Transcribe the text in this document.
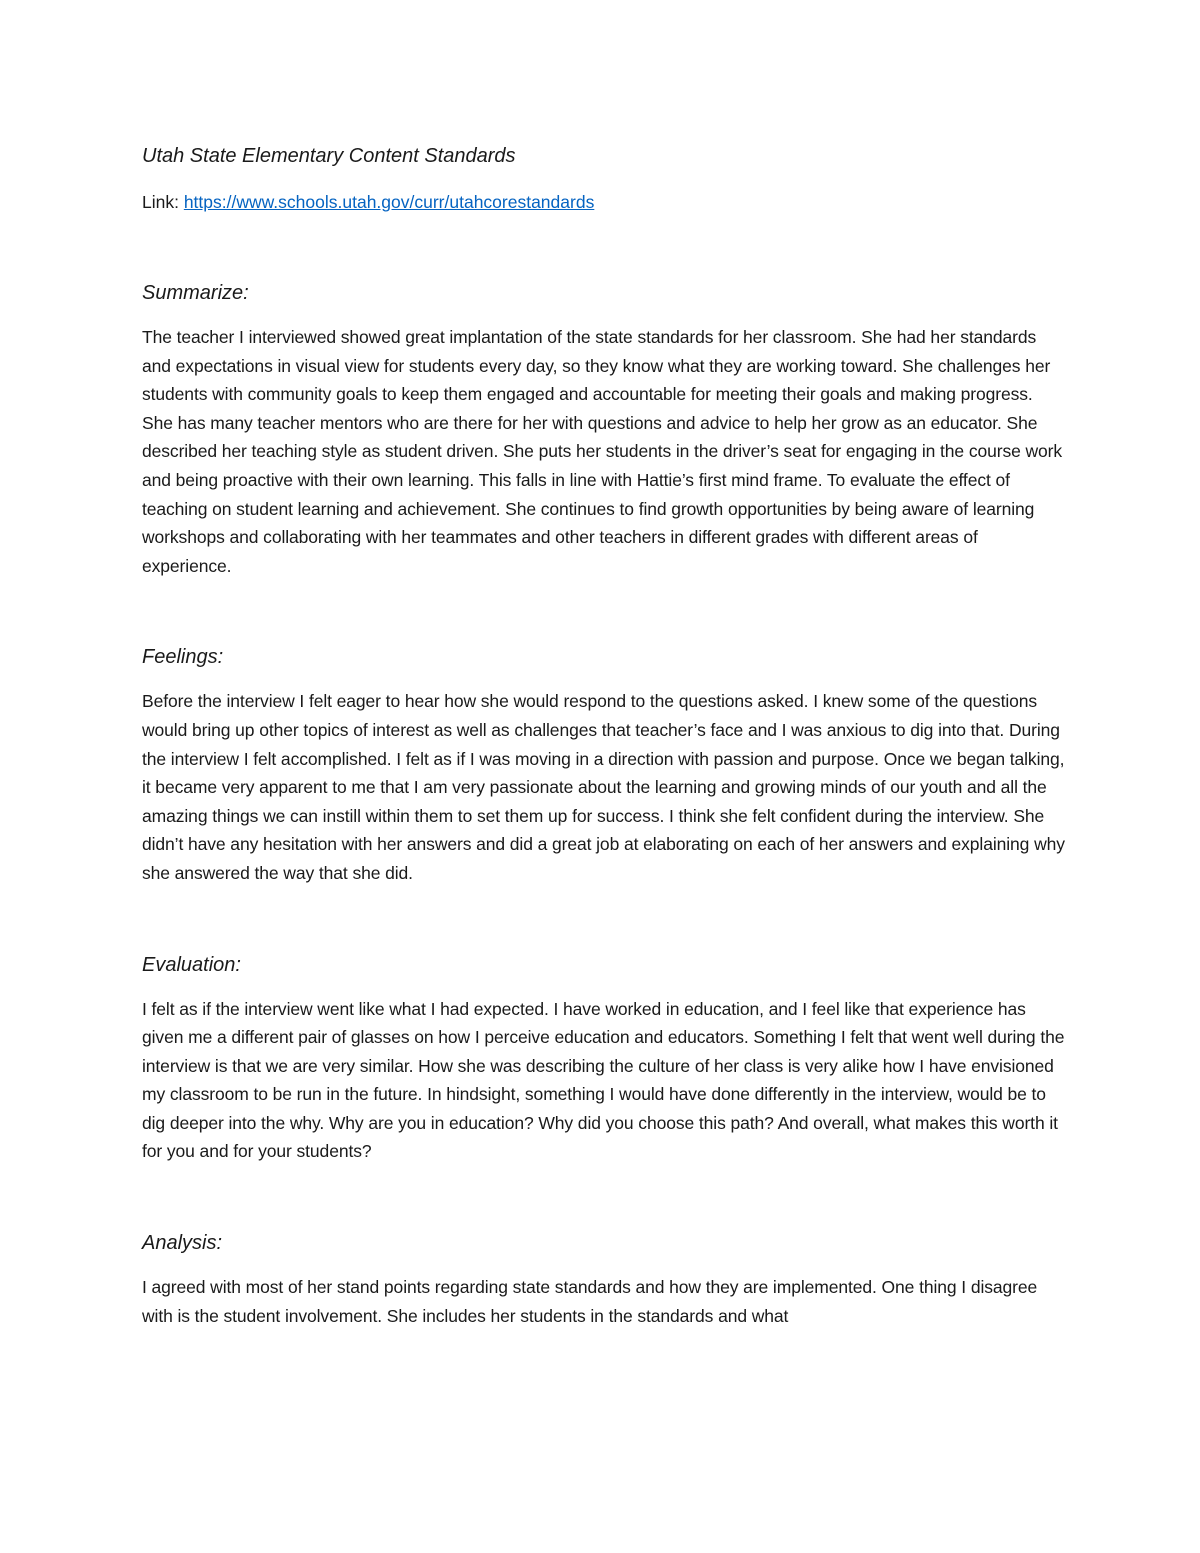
Utah State Elementary Content Standards

Link: https://www.schools.utah.gov/curr/utahcorestandards

Summarize:

The teacher I interviewed showed great implantation of the state standards for her classroom. She had her standards and expectations in visual view for students every day, so they know what they are working toward. She challenges her students with community goals to keep them engaged and accountable for meeting their goals and making progress. She has many teacher mentors who are there for her with questions and advice to help her grow as an educator. She described her teaching style as student driven. She puts her students in the driver’s seat for engaging in the course work and being proactive with their own learning. This falls in line with Hattie’s first mind frame. To evaluate the effect of teaching on student learning and achievement. She continues to find growth opportunities by being aware of learning workshops and collaborating with her teammates and other teachers in different grades with different areas of experience.

Feelings:

Before the interview I felt eager to hear how she would respond to the questions asked. I knew some of the questions would bring up other topics of interest as well as challenges that teacher’s face and I was anxious to dig into that. During the interview I felt accomplished. I felt as if I was moving in a direction with passion and purpose. Once we began talking, it became very apparent to me that I am very passionate about the learning and growing minds of our youth and all the amazing things we can instill within them to set them up for success. I think she felt confident during the interview. She didn’t have any hesitation with her answers and did a great job at elaborating on each of her answers and explaining why she answered the way that she did.

Evaluation:

I felt as if the interview went like what I had expected. I have worked in education, and I feel like that experience has given me a different pair of glasses on how I perceive education and educators. Something I felt that went well during the interview is that we are very similar. How she was describing the culture of her class is very alike how I have envisioned my classroom to be run in the future. In hindsight, something I would have done differently in the interview, would be to dig deeper into the why. Why are you in education? Why did you choose this path? And overall, what makes this worth it for you and for your students?

Analysis:

I agreed with most of her stand points regarding state standards and how they are implemented. One thing I disagree with is the student involvement. She includes her students in the standards and what
